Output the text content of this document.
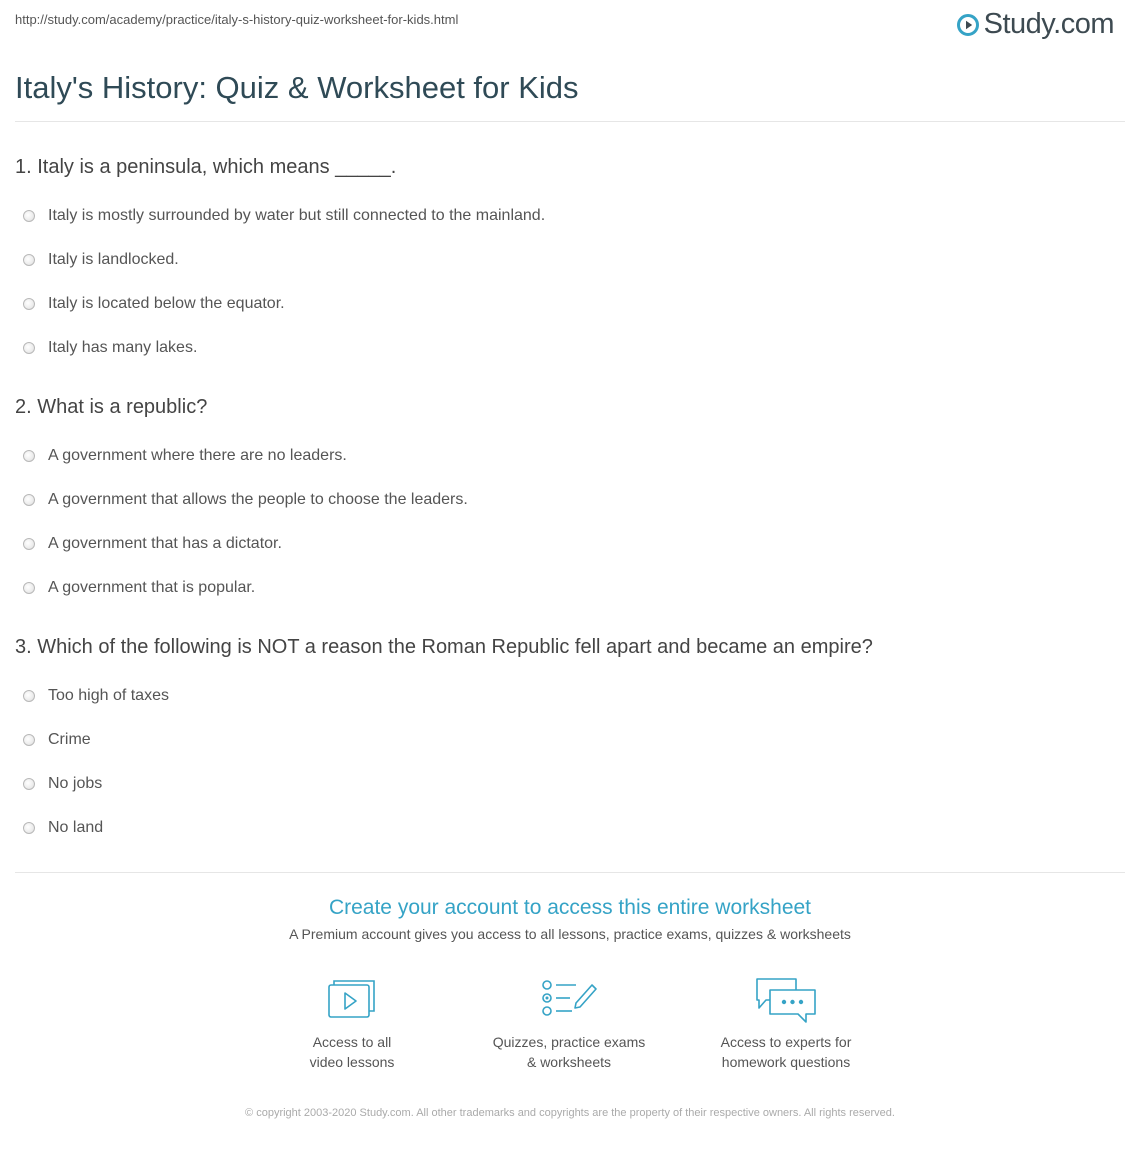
http://study.com/academy/practice/italy-s-history-quiz-worksheet-for-kids.html	Study.com
Italy's History: Quiz & Worksheet for Kids

1. Italy is a peninsula, which means _____.

Italy is mostly surrounded by water but still connected to the mainland.
Italy is landlocked.
Italy is located below the equator.
Italy has many lakes.

2. What is a republic?

A government where there are no leaders.
A government that allows the people to choose the leaders.
A government that has a dictator.
A government that is popular.

3. Which of the following is NOT a reason the Roman Republic fell apart and became an empire?

Too high of taxes
Crime
No jobs
No land
Create your account to access this entire worksheet
A Premium account gives you access to all lessons, practice exams, quizzes & worksheets
Access to all
video lessons
Quizzes, practice exams
& worksheets
Access to experts for
homework questions
© copyright 2003-2020 Study.com. All other trademarks and copyrights are the property of their respective owners. All rights reserved.
